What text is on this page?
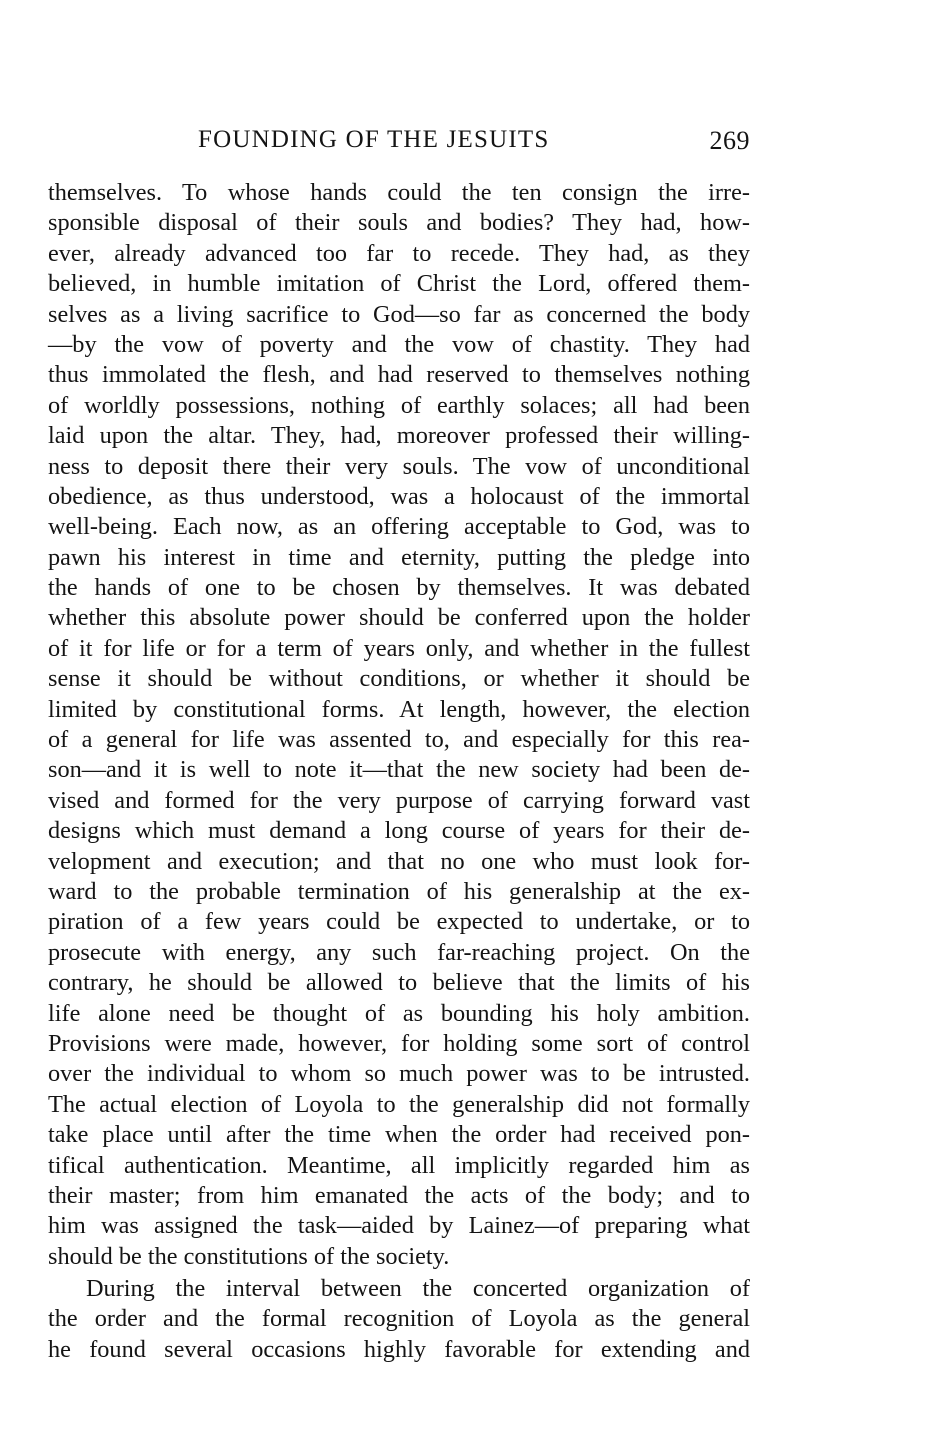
FOUNDING OF THE JESUITS	269
themselves. To whose hands could the ten consign the irre-
sponsible disposal of their souls and bodies? They had, how-
ever, already advanced too far to recede. They had, as they
believed, in humble imitation of Christ the Lord, offered them-
selves as a living sacrifice to God—so far as concerned the body
—by the vow of poverty and the vow of chastity. They had
thus immolated the flesh, and had reserved to themselves nothing
of worldly possessions, nothing of earthly solaces; all had been
laid upon the altar. They, had, moreover professed their willing-
ness to deposit there their very souls. The vow of unconditional
obedience, as thus understood, was a holocaust of the immortal
well-being. Each now, as an offering acceptable to God, was to
pawn his interest in time and eternity, putting the pledge into
the hands of one to be chosen by themselves. It was debated
whether this absolute power should be conferred upon the holder
of it for life or for a term of years only, and whether in the fullest
sense it should be without conditions, or whether it should be
limited by constitutional forms. At length, however, the election
of a general for life was assented to, and especially for this rea-
son—and it is well to note it—that the new society had been de-
vised and formed for the very purpose of carrying forward vast
designs which must demand a long course of years for their de-
velopment and execution; and that no one who must look for-
ward to the probable termination of his generalship at the ex-
piration of a few years could be expected to undertake, or to
prosecute with energy, any such far-reaching project. On the
contrary, he should be allowed to believe that the limits of his
life alone need be thought of as bounding his holy ambition.
Provisions were made, however, for holding some sort of control
over the individual to whom so much power was to be intrusted.
The actual election of Loyola to the generalship did not formally
take place until after the time when the order had received pon-
tifical authentication. Meantime, all implicitly regarded him as
their master; from him emanated the acts of the body; and to
him was assigned the task—aided by Lainez—of preparing what
should be the constitutions of the society.
During the interval between the concerted organization of
the order and the formal recognition of Loyola as the general
he found several occasions highly favorable for extending and
